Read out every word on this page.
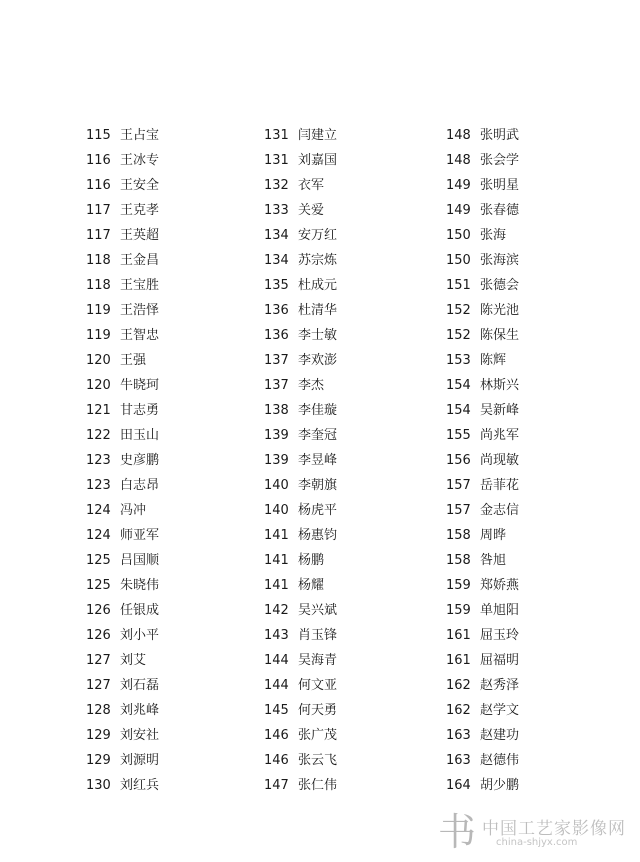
115 王占宝
116 王冰专
116 王安全
117 王克孝
117 王英超
118 王金昌
118 王宝胜
119 王浩怿
119 王智忠
120 王强
120 牛晓珂
121 甘志勇
122 田玉山
123 史彦鹏
123 白志昂
124 冯冲
124 师亚军
125 吕国顺
125 朱晓伟
126 任银成
126 刘小平
127 刘艾
127 刘石磊
128 刘兆峰
129 刘安社
129 刘源明
130 刘红兵
131 闫建立
131 刘嘉国
132 衣军
133 关爱
134 安万红
134 苏宗炼
135 杜成元
136 杜清华
136 李士敏
137 李欢澎
137 李杰
138 李佳璇
139 李奎冠
139 李昱峰
140 李朝旗
140 杨虎平
141 杨惠钧
141 杨鹏
141 杨耀
142 吴兴斌
143 肖玉锋
144 吴海青
144 何文亚
145 何天勇
146 张广茂
146 张云飞
147 张仁伟
148 张明武
148 张会学
149 张明星
149 张春德
150 张海
150 张海滨
151 张德会
152 陈光池
152 陈保生
153 陈辉
154 林斯兴
154 吴新峰
155 尚兆军
156 尚现敏
157 岳菲花
157 金志信
158 周晔
158 咎旭
159 郑娇燕
159 单旭阳
161 屈玉玲
161 屈福明
162 赵秀泽
162 赵学文
163 赵建功
163 赵德伟
164 胡少鹏
书 中国工艺家影像网
china-shjyx.com
